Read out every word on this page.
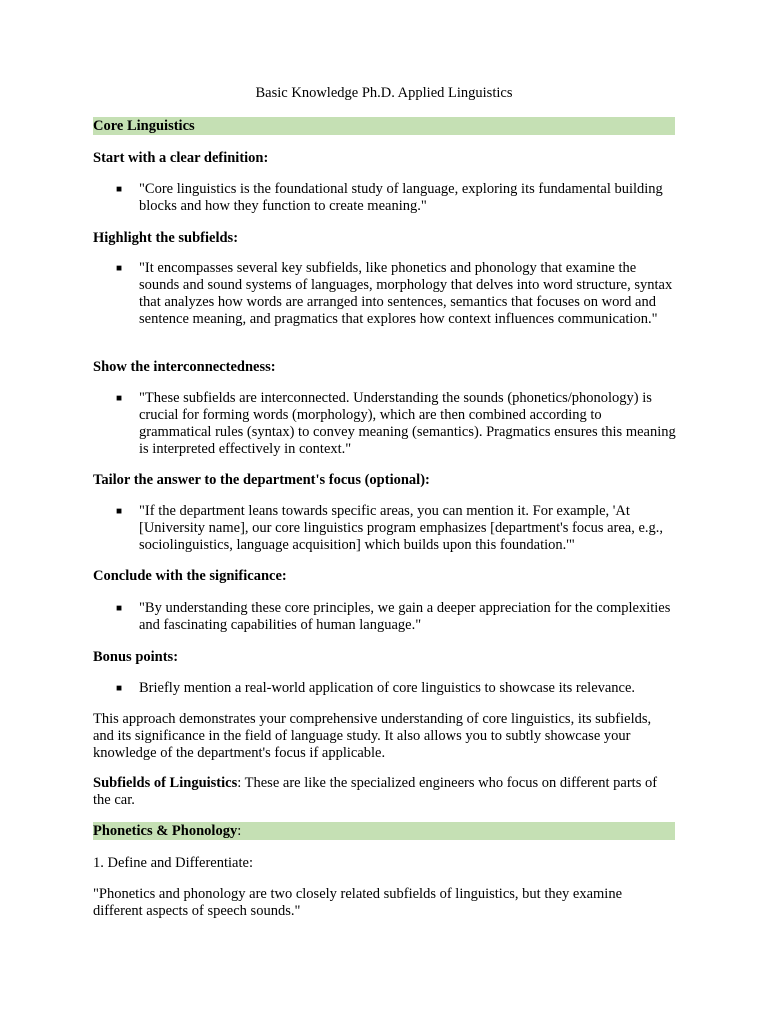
Basic Knowledge Ph.D. Applied Linguistics
Core Linguistics
Start with a clear definition:
■ "Core linguistics is the foundational study of language, exploring its fundamental building blocks and how they function to create meaning."
Highlight the subfields:
■ "It encompasses several key subfields, like phonetics and phonology that examine the sounds and sound systems of languages, morphology that delves into word structure, syntax that analyzes how words are arranged into sentences, semantics that focuses on word and sentence meaning, and pragmatics that explores how context influences communication."
Show the interconnectedness:
■ "These subfields are interconnected. Understanding the sounds (phonetics/phonology) is crucial for forming words (morphology), which are then combined according to grammatical rules (syntax) to convey meaning (semantics). Pragmatics ensures this meaning is interpreted effectively in context."
Tailor the answer to the department's focus (optional):
■ "If the department leans towards specific areas, you can mention it. For example, 'At [University name], our core linguistics program emphasizes [department's focus area, e.g., sociolinguistics, language acquisition] which builds upon this foundation.'"
Conclude with the significance:
■ "By understanding these core principles, we gain a deeper appreciation for the complexities and fascinating capabilities of human language."
Bonus points:
■ Briefly mention a real-world application of core linguistics to showcase its relevance.
This approach demonstrates your comprehensive understanding of core linguistics, its subfields, and its significance in the field of language study. It also allows you to subtly showcase your knowledge of the department's focus if applicable.
Subfields of Linguistics: These are like the specialized engineers who focus on different parts of the car.
Phonetics & Phonology:
1. Define and Differentiate:
"Phonetics and phonology are two closely related subfields of linguistics, but they examine different aspects of speech sounds."
